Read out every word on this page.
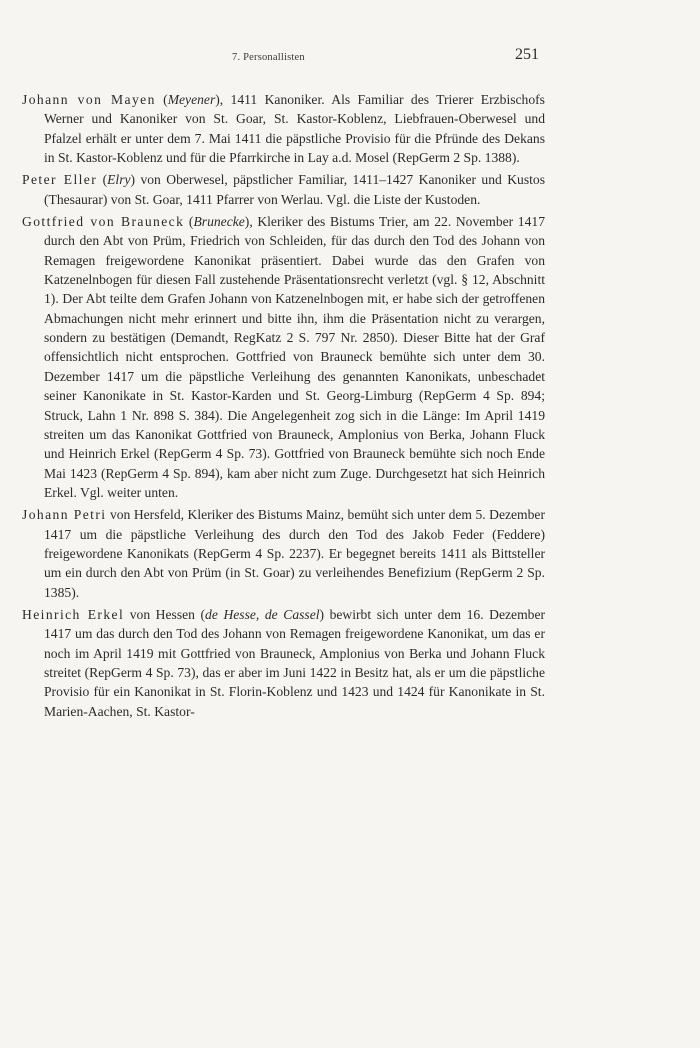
7. Personallisten	251

Johann von Mayen (Meyener), 1411 Kanoniker. Als Familiar des Trierer Erzbischofs Werner und Kanoniker von St. Goar, St. Kastor-Koblenz, Liebfrauen-Oberwesel und Pfalzel erhält er unter dem 7. Mai 1411 die päpstliche Provisio für die Pfründe des Dekans in St. Kastor-Koblenz und für die Pfarrkirche in Lay a.d. Mosel (RepGerm 2 Sp. 1388).

Peter Eller (Elry) von Oberwesel, päpstlicher Familiar, 1411–1427 Kanoniker und Kustos (Thesaurar) von St. Goar, 1411 Pfarrer von Werlau. Vgl. die Liste der Kustoden.

Gottfried von Brauneck (Brunecke), Kleriker des Bistums Trier, am 22. November 1417 durch den Abt von Prüm, Friedrich von Schleiden, für das durch den Tod des Johann von Remagen freigewordene Kanonikat präsentiert. Dabei wurde das den Grafen von Katzenelnbogen für diesen Fall zustehende Präsentationsrecht verletzt (vgl. § 12, Abschnitt 1). Der Abt teilte dem Grafen Johann von Katzenelnbogen mit, er habe sich der getroffenen Abmachungen nicht mehr erinnert und bitte ihn, ihm die Präsentation nicht zu verargen, sondern zu bestätigen (Demandt, RegKatz 2 S. 797 Nr. 2850). Dieser Bitte hat der Graf offensichtlich nicht entsprochen. Gottfried von Brauneck bemühte sich unter dem 30. Dezember 1417 um die päpstliche Verleihung des genannten Kanonikats, unbeschadet seiner Kanonikate in St. Kastor-Karden und St. Georg-Limburg (RepGerm 4 Sp. 894; Struck, Lahn 1 Nr. 898 S. 384). Die Angelegenheit zog sich in die Länge: Im April 1419 streiten um das Kanonikat Gottfried von Brauneck, Amplonius von Berka, Johann Fluck und Heinrich Erkel (RepGerm 4 Sp. 73). Gottfried von Brauneck bemühte sich noch Ende Mai 1423 (RepGerm 4 Sp. 894), kam aber nicht zum Zuge. Durchgesetzt hat sich Heinrich Erkel. Vgl. weiter unten.

Johann Petri von Hersfeld, Kleriker des Bistums Mainz, bemüht sich unter dem 5. Dezember 1417 um die päpstliche Verleihung des durch den Tod des Jakob Feder (Feddere) freigewordene Kanonikats (RepGerm 4 Sp. 2237). Er begegnet bereits 1411 als Bittsteller um ein durch den Abt von Prüm (in St. Goar) zu verleihendes Benefizium (RepGerm 2 Sp. 1385).

Heinrich Erkel von Hessen (de Hesse, de Cassel) bewirbt sich unter dem 16. Dezember 1417 um das durch den Tod des Johann von Remagen freigewordene Kanonikat, um das er noch im April 1419 mit Gottfried von Brauneck, Amplonius von Berka und Johann Fluck streitet (RepGerm 4 Sp. 73), das er aber im Juni 1422 in Besitz hat, als er um die päpstliche Provisio für ein Kanonikat in St. Florin-Koblenz und 1423 und 1424 für Kanonikate in St. Marien-Aachen, St. Kastor-
